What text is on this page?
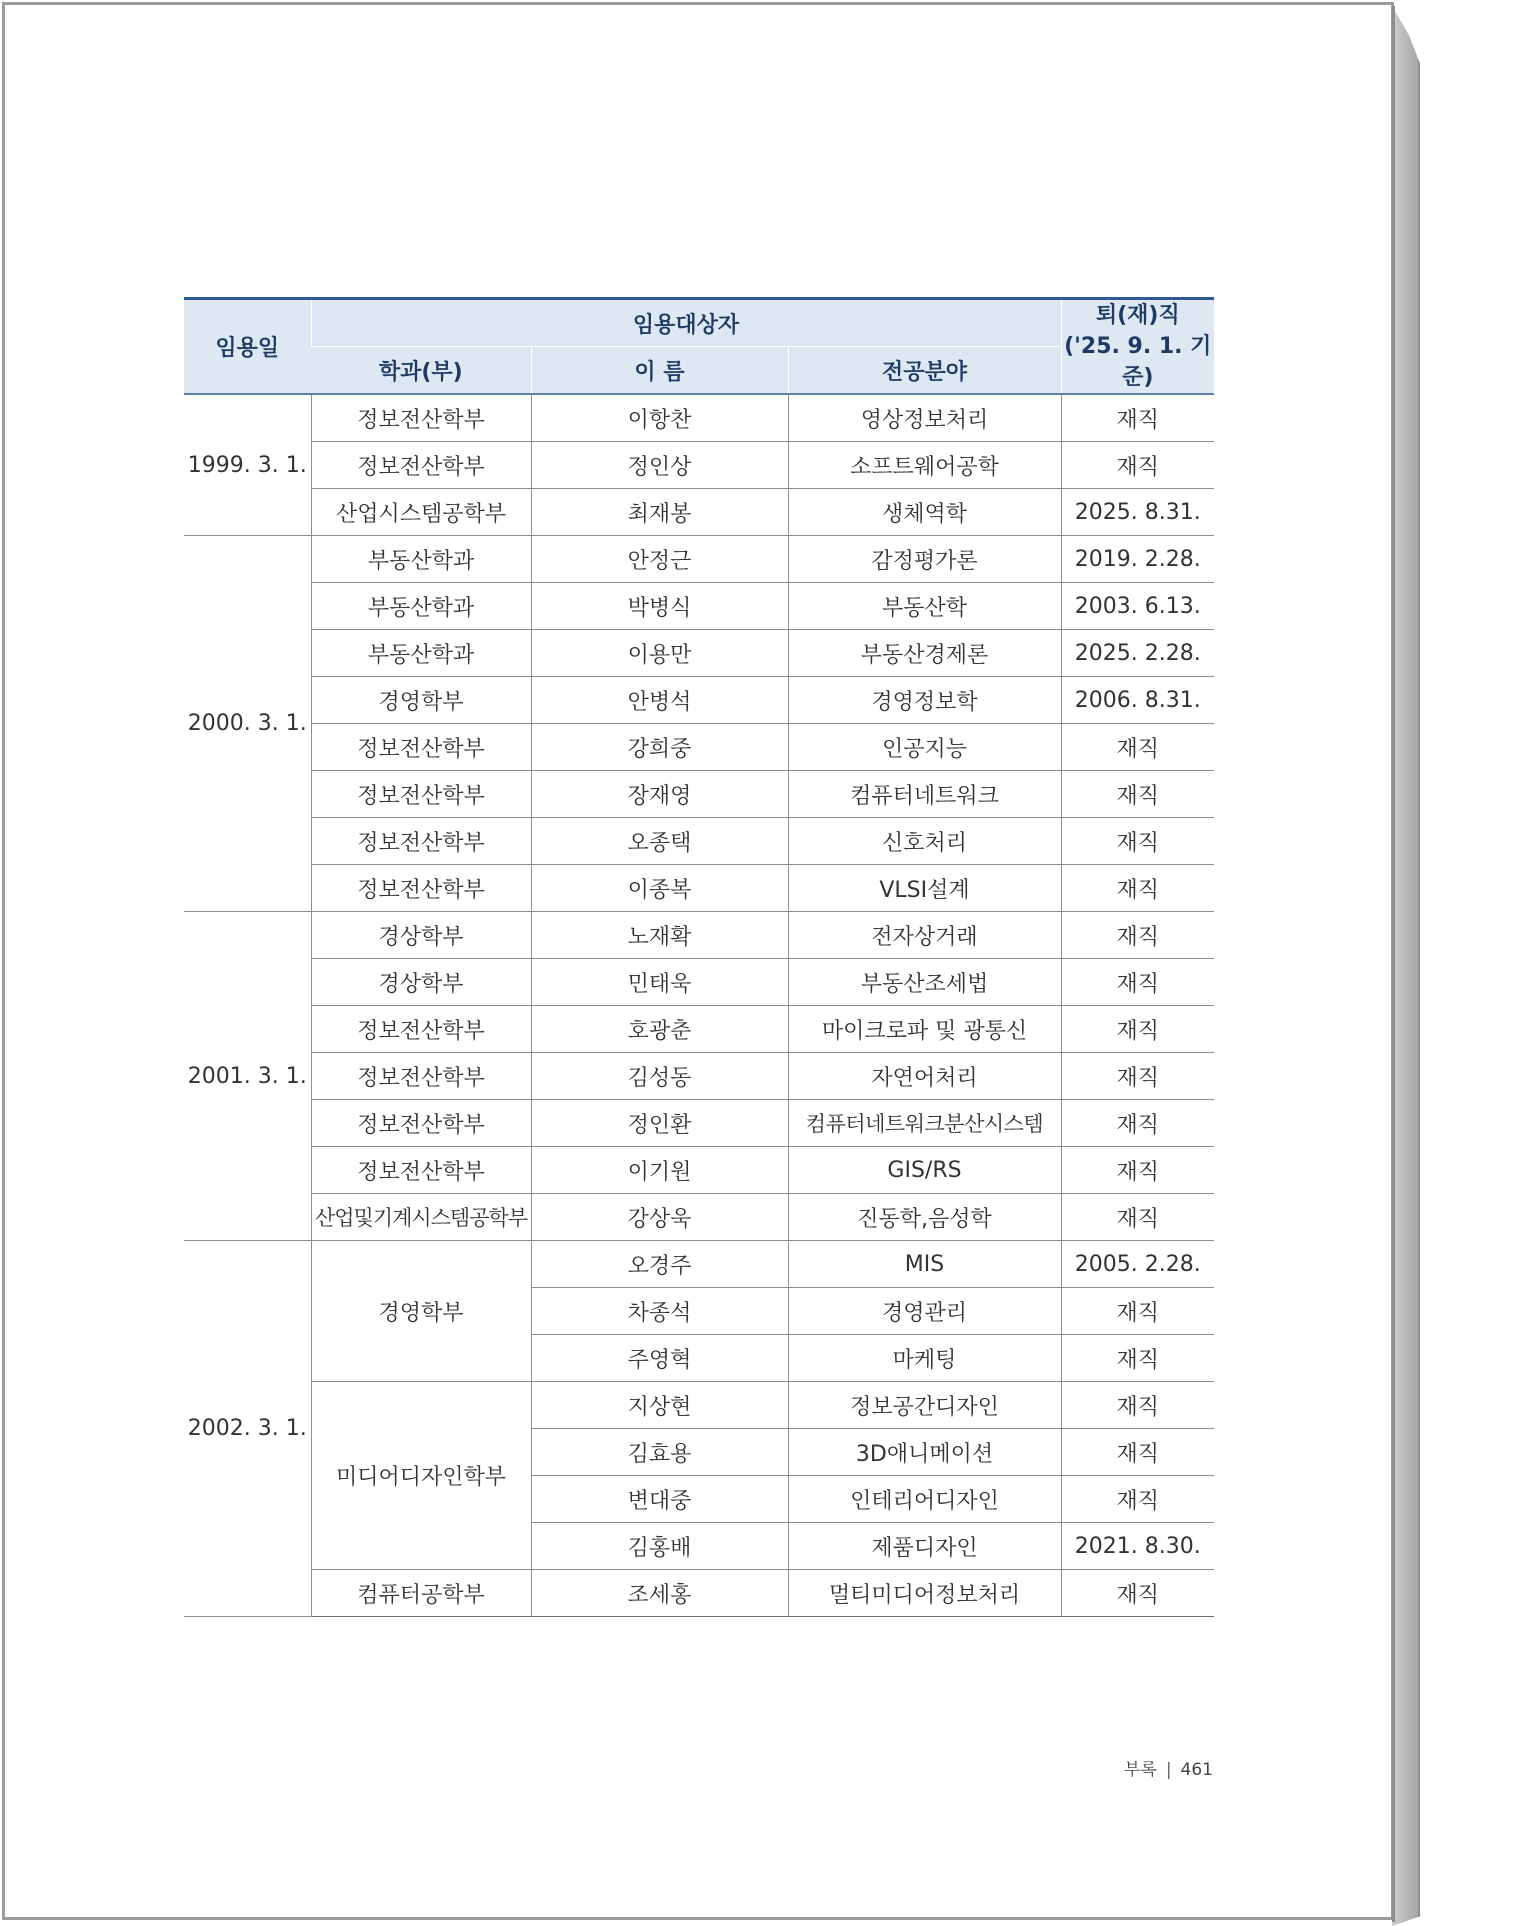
임용일	임용대상자			퇴(재)직
('25. 9. 1. 기준)
	학과(부)	이 름	전공분야	
1999. 3. 1.	정보전산학부	이항찬	영상정보처리	재직
	정보전산학부	정인상	소프트웨어공학	재직
	산업시스템공학부	최재봉	생체역학	2025. 8.31.
2000. 3. 1.	부동산학과	안정근	감정평가론	2019. 2.28.
	부동산학과	박병식	부동산학	2003. 6.13.
	부동산학과	이용만	부동산경제론	2025. 2.28.
	경영학부	안병석	경영정보학	2006. 8.31.
	정보전산학부	강희중	인공지능	재직
	정보전산학부	장재영	컴퓨터네트워크	재직
	정보전산학부	오종택	신호처리	재직
	정보전산학부	이종복	VLSI설계	재직
2001. 3. 1.	경상학부	노재확	전자상거래	재직
	경상학부	민태욱	부동산조세법	재직
	정보전산학부	호광춘	마이크로파 및 광통신	재직
	정보전산학부	김성동	자연어처리	재직
	정보전산학부	정인환	컴퓨터네트워크분산시스템	재직
	정보전산학부	이기원	GIS/RS	재직
	산업및기계시스템공학부	강상욱	진동학,음성학	재직
2002. 3. 1.	경영학부	오경주	MIS	2005. 2.28.
		차종석	경영관리	재직
		주영혁	마케팅	재직
	미디어디자인학부	지상현	정보공간디자인	재직
		김효용	3D애니메이션	재직
		변대중	인테리어디자인	재직
		김홍배	제품디자인	2021. 8.30.
	컴퓨터공학부	조세홍	멀티미디어정보처리	재직
부록 | 461
